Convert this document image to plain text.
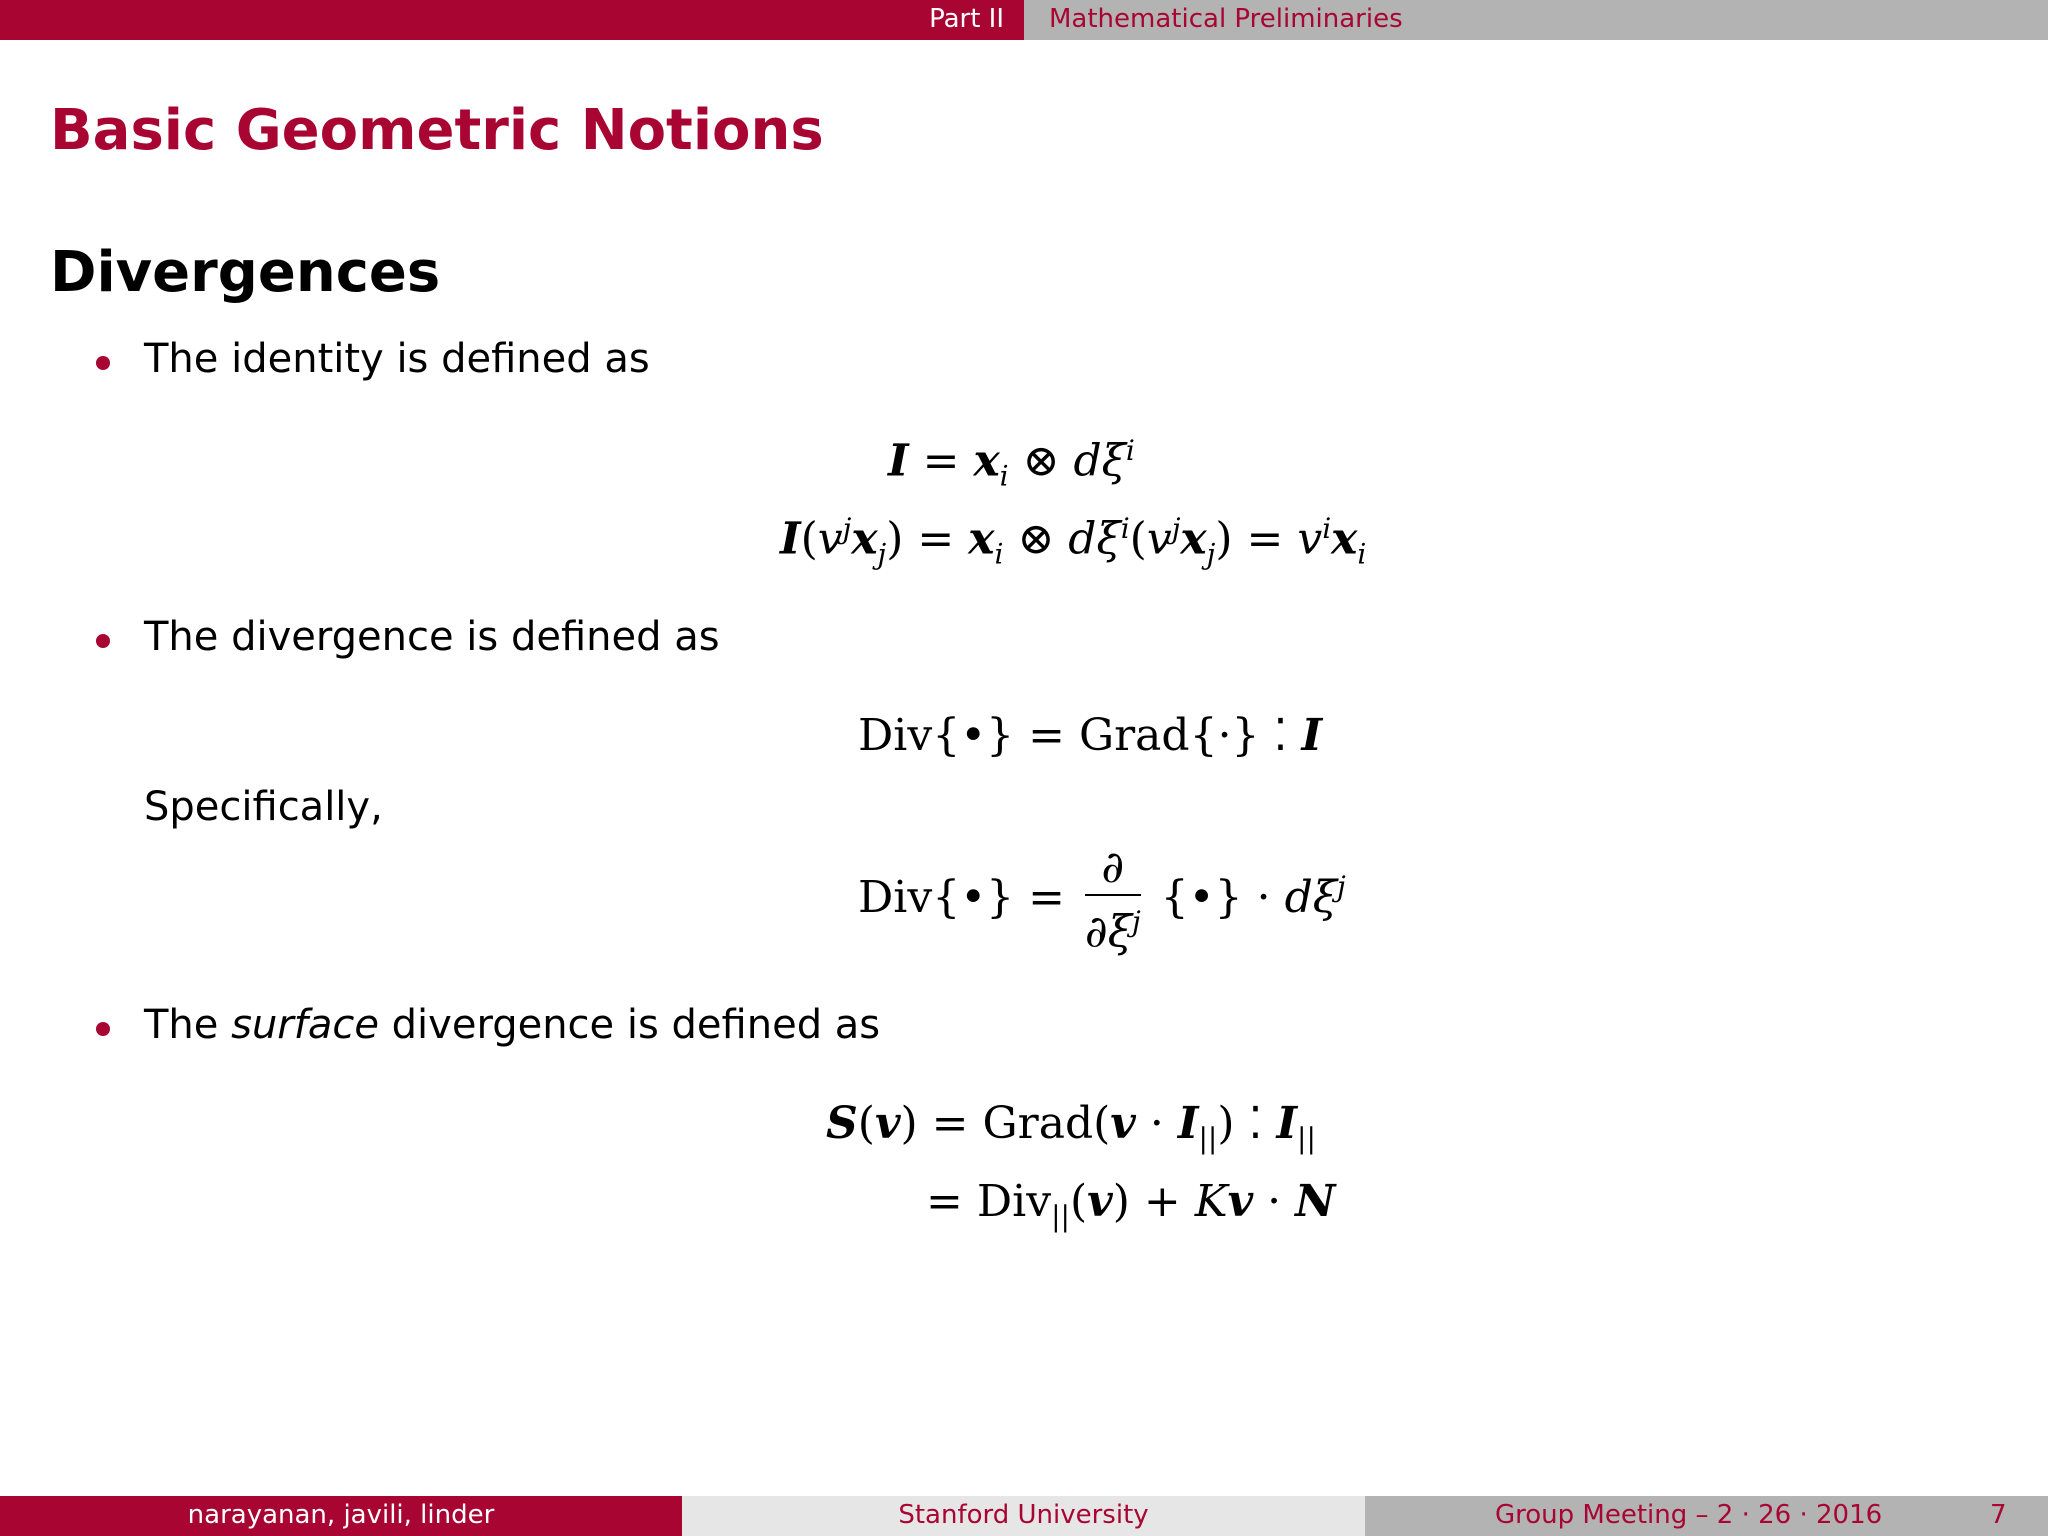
Part II Mathematical Preliminaries
Basic Geometric Notions
Divergences
The identity is defined as
$I = x_i$ ⊗ $d\xi^i$
$I(v^jx_j) = x_i$ ⊗ $d\xi^i(v^jx_j) = v^ix_i$
The divergence is defined as
Div{•} = Grad{·} ⁚ I
Specifically,
Div{•} = $\frac{\partial}{\partial\xi^j}$ {•} · $d\xi^j$
The surface divergence is defined as
S(v) = Grad(v · $I_{||}$) ⁚ $I_{||}$
= Div$_{||}$(v) + Kv · N
narayanan, javili, linder	Stanford University	Group Meeting – 2 · 26 · 2016	7
